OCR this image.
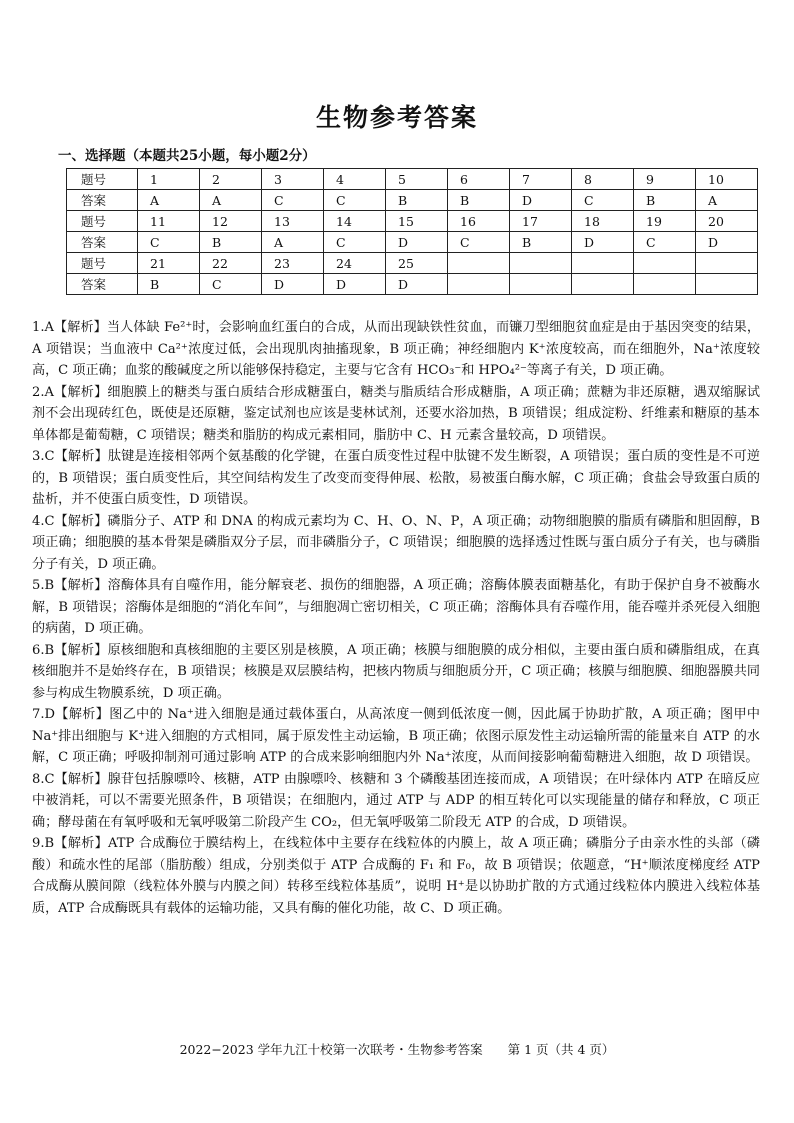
生物参考答案
一、选择题（本题共25小题，每小题2分）
题号	1	2	3	4	5	6	7	8	9	10
答案	A	A	C	C	B	B	D	C	B	A
题号	11	12	13	14	15	16	17	18	19	20
答案	C	B	A	C	D	C	B	D	C	D
题号	21	22	23	24	25					
答案	B	C	D	D	D					

1.A【解析】当人体缺 Fe²⁺时，会影响血红蛋白的合成，从而出现缺铁性贫血，而镰刀型细胞贫血症是由于基因突变的结果，A 项错误；当血液中 Ca²⁺浓度过低，会出现肌肉抽搐现象，B 项正确；神经细胞内 K⁺浓度较高，而在细胞外，Na⁺浓度较高，C 项正确；血浆的酸碱度之所以能够保持稳定，主要与它含有 HCO₃⁻和 HPO₄²⁻等离子有关，D 项正确。

2.A【解析】细胞膜上的糖类与蛋白质结合形成糖蛋白，糖类与脂质结合形成糖脂，A 项正确；蔗糖为非还原糖，遇双缩脲试剂不会出现砖红色，既使是还原糖，鉴定试剂也应该是斐林试剂，还要水浴加热，B 项错误；组成淀粉、纤维素和糖原的基本单体都是葡萄糖，C 项错误；糖类和脂肪的构成元素相同，脂肪中 C、H 元素含量较高，D 项错误。

3.C【解析】肽键是连接相邻两个氨基酸的化学键，在蛋白质变性过程中肽键不发生断裂，A 项错误；蛋白质的变性是不可逆的，B 项错误；蛋白质变性后，其空间结构发生了改变而变得伸展、松散，易被蛋白酶水解，C 项正确；食盐会导致蛋白质的盐析，并不使蛋白质变性，D 项错误。

4.C【解析】磷脂分子、ATP 和 DNA 的构成元素均为 C、H、O、N、P，A 项正确；动物细胞膜的脂质有磷脂和胆固醇，B 项正确；细胞膜的基本骨架是磷脂双分子层，而非磷脂分子，C 项错误；细胞膜的选择透过性既与蛋白质分子有关，也与磷脂分子有关，D 项正确。

5.B【解析】溶酶体具有自噬作用，能分解衰老、损伤的细胞器，A 项正确；溶酶体膜表面糖基化，有助于保护自身不被酶水解，B 项错误；溶酶体是细胞的“消化车间”，与细胞凋亡密切相关，C 项正确；溶酶体具有吞噬作用，能吞噬并杀死侵入细胞的病菌，D 项正确。

6.B【解析】原核细胞和真核细胞的主要区别是核膜，A 项正确；核膜与细胞膜的成分相似，主要由蛋白质和磷脂组成，在真核细胞并不是始终存在，B 项错误；核膜是双层膜结构，把核内物质与细胞质分开，C 项正确；核膜与细胞膜、细胞器膜共同参与构成生物膜系统，D 项正确。

7.D【解析】图乙中的 Na⁺进入细胞是通过载体蛋白，从高浓度一侧到低浓度一侧，因此属于协助扩散，A 项正确；图甲中 Na⁺排出细胞与 K⁺进入细胞的方式相同，属于原发性主动运输，B 项正确；依图示原发性主动运输所需的能量来自 ATP 的水解，C 项正确；呼吸抑制剂可通过影响 ATP 的合成来影响细胞内外 Na⁺浓度，从而间接影响葡萄糖进入细胞，故 D 项错误。

8.C【解析】腺苷包括腺嘌呤、核糖，ATP 由腺嘌呤、核糖和 3 个磷酸基团连接而成，A 项错误；在叶绿体内 ATP 在暗反应中被消耗，可以不需要光照条件，B 项错误；在细胞内，通过 ATP 与 ADP 的相互转化可以实现能量的储存和释放，C 项正确；酵母菌在有氧呼吸和无氧呼吸第二阶段产生 CO₂，但无氧呼吸第二阶段无 ATP 的合成，D 项错误。

9.B【解析】ATP 合成酶位于膜结构上，在线粒体中主要存在线粒体的内膜上，故 A 项正确；磷脂分子由亲水性的头部（磷酸）和疏水性的尾部（脂肪酸）组成，分别类似于 ATP 合成酶的 F₁ 和 F₀，故 B 项错误；依题意，“H⁺顺浓度梯度经 ATP 合成酶从膜间隙（线粒体外膜与内膜之间）转移至线粒体基质”，说明 H⁺是以协助扩散的方式通过线粒体内膜进入线粒体基质，ATP 合成酶既具有载体的运输功能，又具有酶的催化功能，故 C、D 项正确。

2022−2023 学年九江十校第一次联考・生物参考答案　　第 1 页（共 4 页）
